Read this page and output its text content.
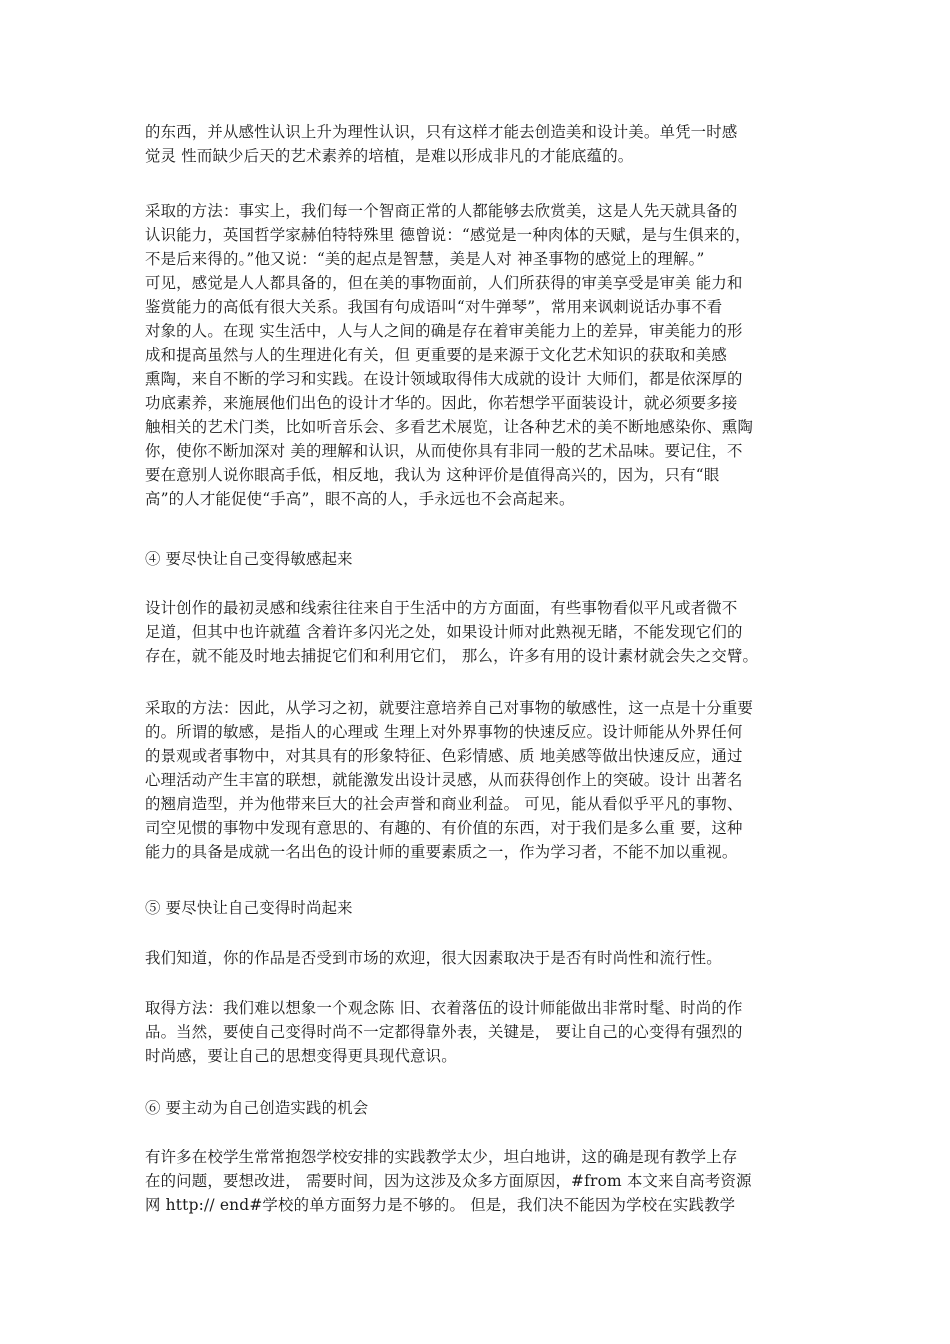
的东西，并从感性认识上升为理性认识，只有这样才能去创造美和设计美。单凭一时感
觉灵 性而缺少后天的艺术素养的培植，是难以形成非凡的才能底蕴的。
采取的方法：事实上，我们每一个智商正常的人都能够去欣赏美，这是人先天就具备的
认识能力，英国哲学家赫伯特特殊里 德曾说：“感觉是一种肉体的天赋，是与生俱来的，
不是后来得的。”他又说：“美的起点是智慧，美是人对 神圣事物的感觉上的理解。”
可见，感觉是人人都具备的，但在美的事物面前，人们所获得的审美享受是审美 能力和
鉴赏能力的高低有很大关系。我国有句成语叫“对牛弹琴”，常用来讽刺说话办事不看
对象的人。在现 实生活中，人与人之间的确是存在着审美能力上的差异，审美能力的形
成和提高虽然与人的生理进化有关，但 更重要的是来源于文化艺术知识的获取和美感
熏陶，来自不断的学习和实践。在设计领域取得伟大成就的设计 大师们，都是依深厚的
功底素养，来施展他们出色的设计才华的。因此，你若想学平面装设计，就必须要多接
触相关的艺术门类，比如听音乐会、多看艺术展览，让各种艺术的美不断地感染你、熏陶
你，使你不断加深对 美的理解和认识，从而使你具有非同一般的艺术品味。要记住，不
要在意别人说你眼高手低，相反地，我认为 这种评价是值得高兴的，因为，只有“眼
高”的人才能促使“手高”，眼不高的人，手永远也不会高起来。
④ 要尽快让自己变得敏感起来
设计创作的最初灵感和线索往往来自于生活中的方方面面，有些事物看似平凡或者微不
足道，但其中也许就蕴 含着许多闪光之处，如果设计师对此熟视无睹，不能发现它们的
存在，就不能及时地去捕捉它们和利用它们， 那么，许多有用的设计素材就会失之交臂。
采取的方法：因此，从学习之初，就要注意培养自己对事物的敏感性，这一点是十分重要
的。所谓的敏感，是指人的心理或 生理上对外界事物的快速反应。设计师能从外界任何
的景观或者事物中，对其具有的形象特征、色彩情感、质 地美感等做出快速反应，通过
心理活动产生丰富的联想，就能激发出设计灵感，从而获得创作上的突破。设计 出著名
的翘肩造型，并为他带来巨大的社会声誉和商业利益。 可见，能从看似乎平凡的事物、
司空见惯的事物中发现有意思的、有趣的、有价值的东西，对于我们是多么重 要，这种
能力的具备是成就一名出色的设计师的重要素质之一，作为学习者，不能不加以重视。
⑤ 要尽快让自己变得时尚起来
我们知道，你的作品是否受到市场的欢迎，很大因素取决于是否有时尚性和流行性。
取得方法：我们难以想象一个观念陈 旧、衣着落伍的设计师能做出非常时髦、时尚的作
品。当然，要使自己变得时尚不一定都得靠外表，关键是， 要让自己的心变得有强烈的
时尚感，要让自己的思想变得更具现代意识。
⑥ 要主动为自己创造实践的机会
有许多在校学生常常抱怨学校安排的实践教学太少，坦白地讲，这的确是现有教学上存
在的问题，要想改进， 需要时间，因为这涉及众多方面原因，#from 本文来自高考资源
网 http:// end#学校的单方面努力是不够的。 但是，我们决不能因为学校在实践教学
